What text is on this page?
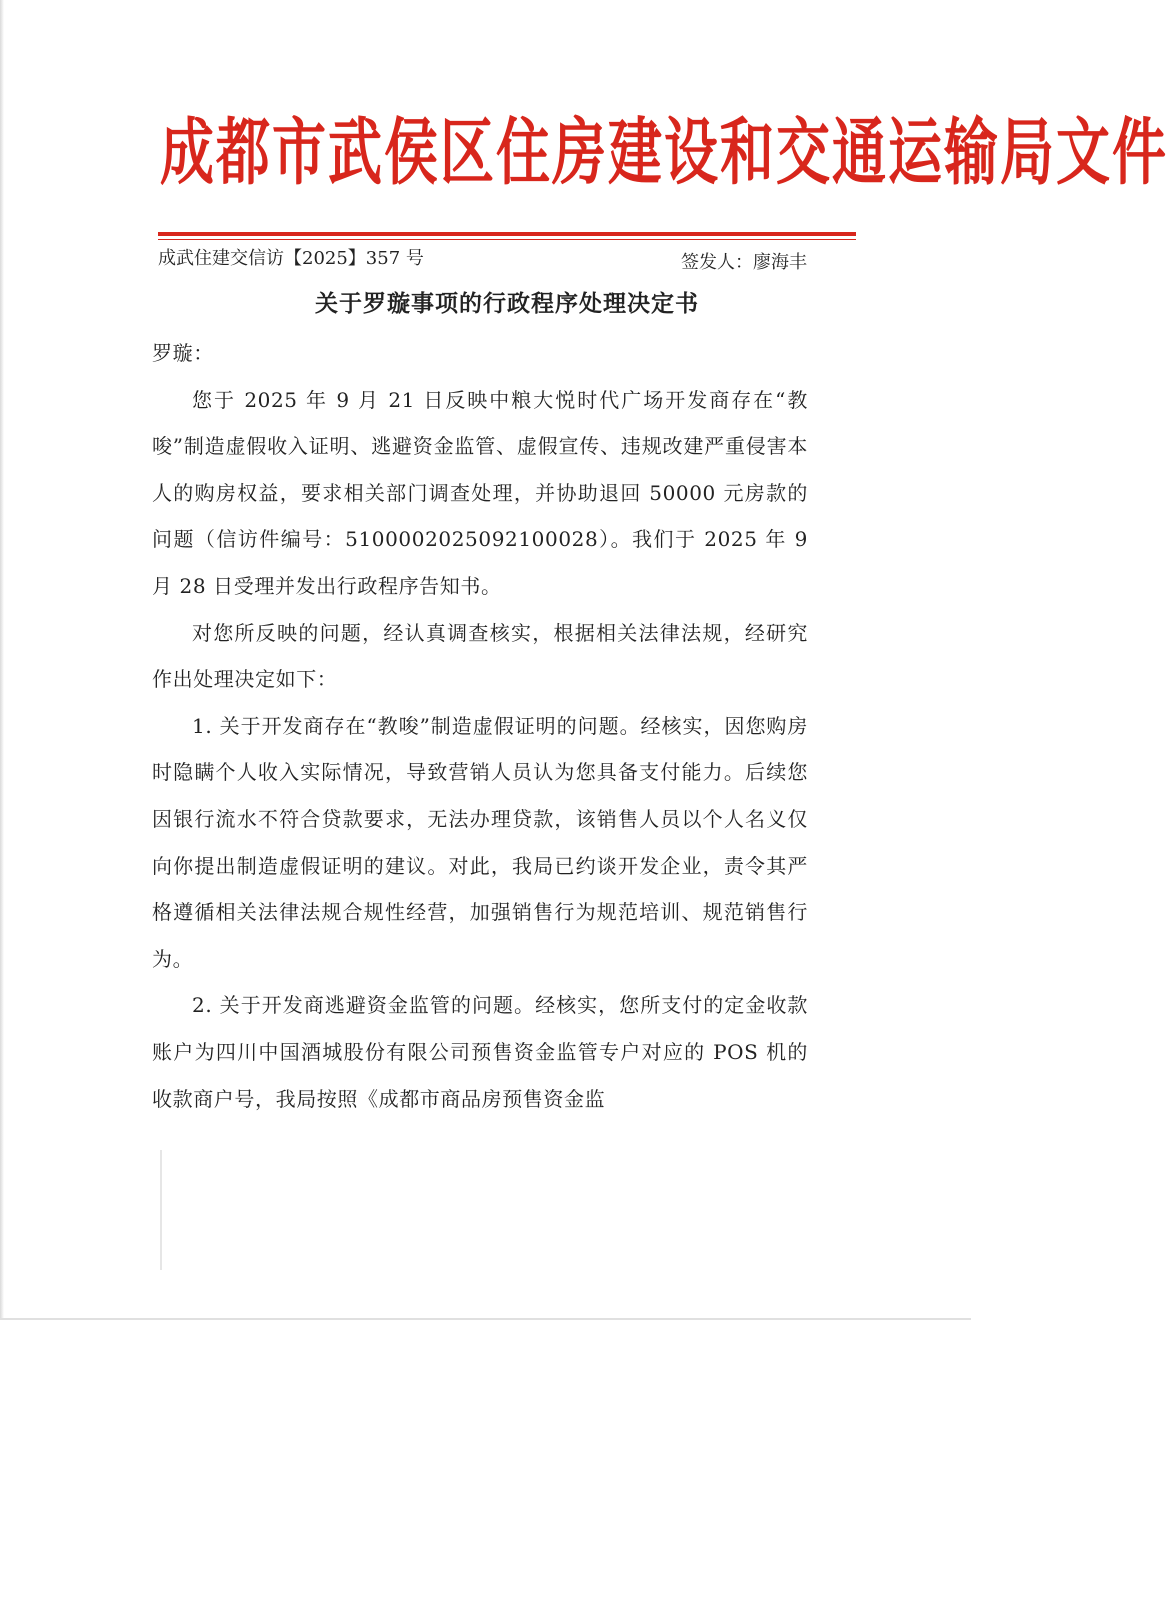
成都市武侯区住房建设和交通运输局文件
成武住建交信访【2025】357 号	签发人：廖海丰
关于罗璇事项的行政程序处理决定书

罗璇：

您于 2025 年 9 月 21 日反映中粮大悦时代广场开发商存在“教唆”制造虚假收入证明、逃避资金监管、虚假宣传、违规改建严重侵害本人的购房权益，要求相关部门调查处理，并协助退回 50000 元房款的问题（信访件编号：510000202509210002​8）。我们于 2025 年 9 月 28 日受理并发出行政程序告知书。

对您所反映的问题，经认真调查核实，根据相关法律法规，经研究作出处理决定如下：

1. 关于开发商存在“教唆”制造虚假证明的问题。经核实，因您购房时隐瞒个人收入实际情况，导致营销人员认为您具备支付能力。后续您因银行流水不符合贷款要求，无法办理贷款，该销售人员以个人名义仅向你提出制造虚假证明的建议。对此，我局已约谈开发企业，责令其严格遵循相关法律法规合规性经营，加强销售行为规范培训、规范销售行为。

2. 关于开发商逃避资金监管的问题。经核实，您所支付的定金收款账户为四川中国酒城股份有限公司预售资金监管专户对应的 POS 机的收款商户号，我局按照《成都市商品房预售资金监
